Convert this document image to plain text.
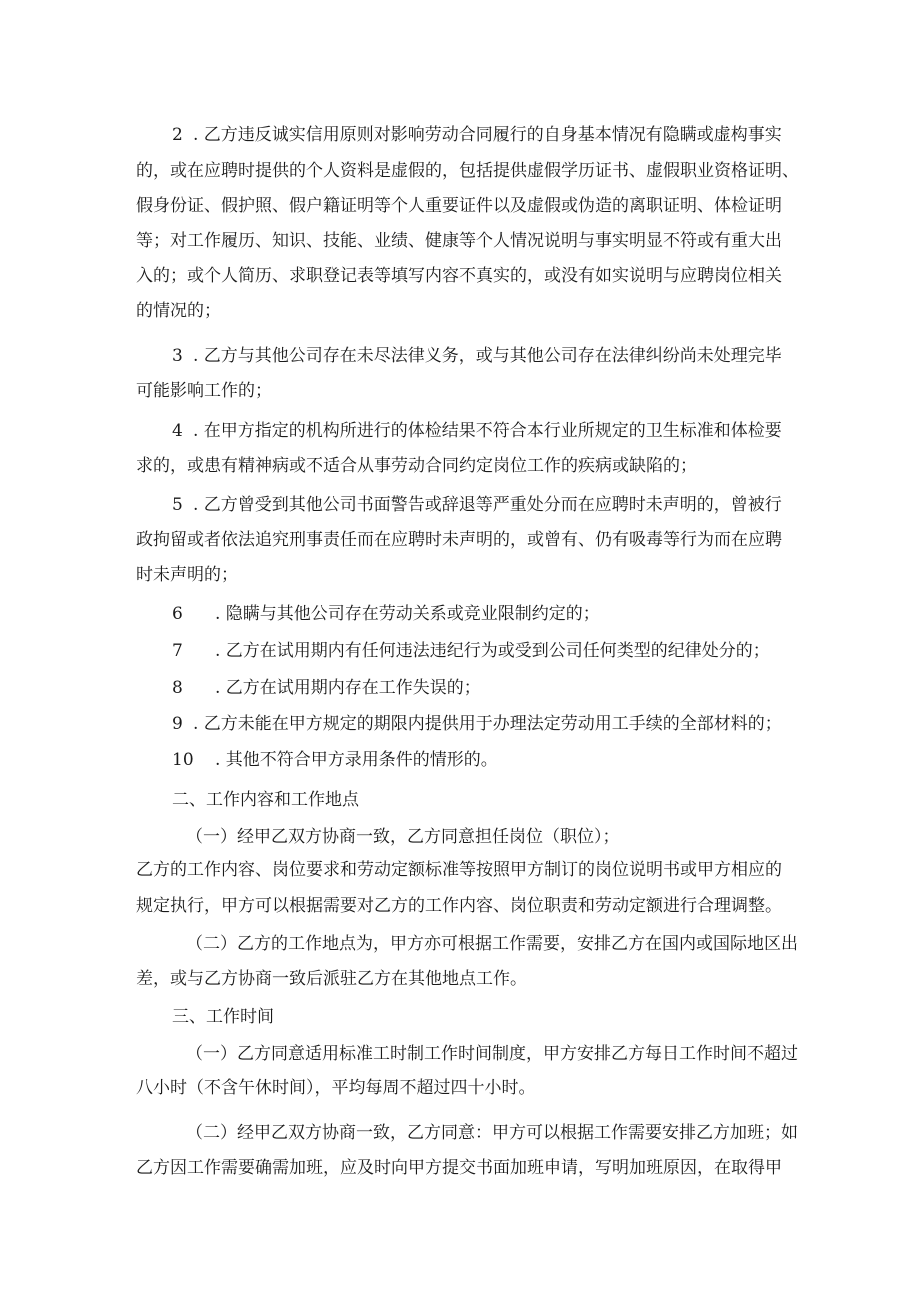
2 . 乙方违反诚实信用原则对影响劳动合同履行的自身基本情况有隐瞒或虚构事实
的，或在应聘时提供的个人资料是虚假的，包括提供虚假学历证书、虚假职业资格证明、
假身份证、假护照、假户籍证明等个人重要证件以及虚假或伪造的离职证明、体检证明
等；对工作履历、知识、技能、业绩、健康等个人情况说明与事实明显不符或有重大出
入的；或个人简历、求职登记表等填写内容不真实的，或没有如实说明与应聘岗位相关
的情况的；
3 . 乙方与其他公司存在未尽法律义务，或与其他公司存在法律纠纷尚未处理完毕
可能影响工作的；
4 . 在甲方指定的机构所进行的体检结果不符合本行业所规定的卫生标准和体检要
求的，或患有精神病或不适合从事劳动合同约定岗位工作的疾病或缺陷的；
5 . 乙方曾受到其他公司书面警告或辞退等严重处分而在应聘时未声明的，曾被行
政拘留或者依法追究刑事责任而在应聘时未声明的，或曾有、仍有吸毒等行为而在应聘
时未声明的；
6 . 隐瞒与其他公司存在劳动关系或竞业限制约定的；
7 . 乙方在试用期内有任何违法违纪行为或受到公司任何类型的纪律处分的；
8 . 乙方在试用期内存在工作失误的；
9 . 乙方未能在甲方规定的期限内提供用于办理法定劳动用工手续的全部材料的；
10 . 其他不符合甲方录用条件的情形的。
二、工作内容和工作地点
（一）经甲乙双方协商一致，乙方同意担任岗位（职位）；
乙方的工作内容、岗位要求和劳动定额标准等按照甲方制订的岗位说明书或甲方相应的
规定执行，甲方可以根据需要对乙方的工作内容、岗位职责和劳动定额进行合理调整。
（二）乙方的工作地点为，甲方亦可根据工作需要，安排乙方在国内或国际地区出
差，或与乙方协商一致后派驻乙方在其他地点工作。
三、工作时间
（一）乙方同意适用标准工时制工作时间制度，甲方安排乙方每日工作时间不超过
八小时（不含午休时间），平均每周不超过四十小时。
（二）经甲乙双方协商一致，乙方同意：甲方可以根据工作需要安排乙方加班；如
乙方因工作需要确需加班，应及时向甲方提交书面加班申请，写明加班原因，在取得甲
